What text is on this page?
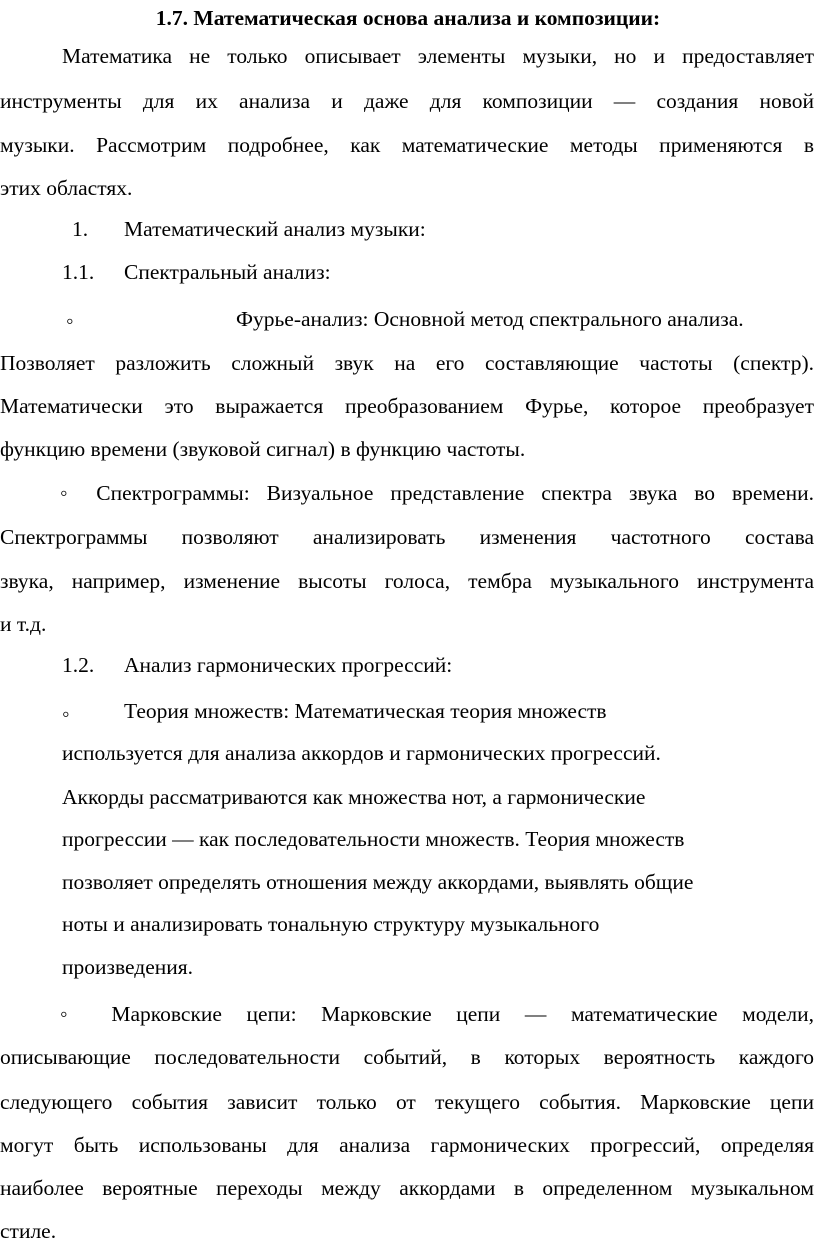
1.7. Математическая основа анализа и композиции:
Математика не только описывает элементы музыки, но и предоставляет
инструменты для их анализа и даже для композиции — создания новой
музыки. Рассмотрим подробнее, как математические методы применяются в
этих областях.
1. Математический анализ музыки:
1.1. Спектральный анализ:
◦	Фурье-анализ: Основной метод спектрального анализа.
Позволяет разложить сложный звук на его составляющие частоты (спектр).
Математически это выражается преобразованием Фурье, которое преобразует
функцию времени (звуковой сигнал) в функцию частоты.
◦ Спектрограммы: Визуальное представление спектра звука во времени.
Спектрограммы позволяют анализировать изменения частотного состава
звука, например, изменение высоты голоса, тембра музыкального инструмента
и т.д.
1.2. Анализ гармонических прогрессий:
◦	Теория множеств: Математическая теория множеств
используется для анализа аккордов и гармонических прогрессий.
Аккорды рассматриваются как множества нот, а гармонические
прогрессии — как последовательности множеств. Теория множеств
позволяет определять отношения между аккордами, выявлять общие
ноты и анализировать тональную структуру музыкального
произведения.
◦ Марковские цепи: Марковские цепи — математические модели,
описывающие последовательности событий, в которых вероятность каждого
следующего события зависит только от текущего события. Марковские цепи
могут быть использованы для анализа гармонических прогрессий, определяя
наиболее вероятные переходы между аккордами в определенном музыкальном
стиле.
